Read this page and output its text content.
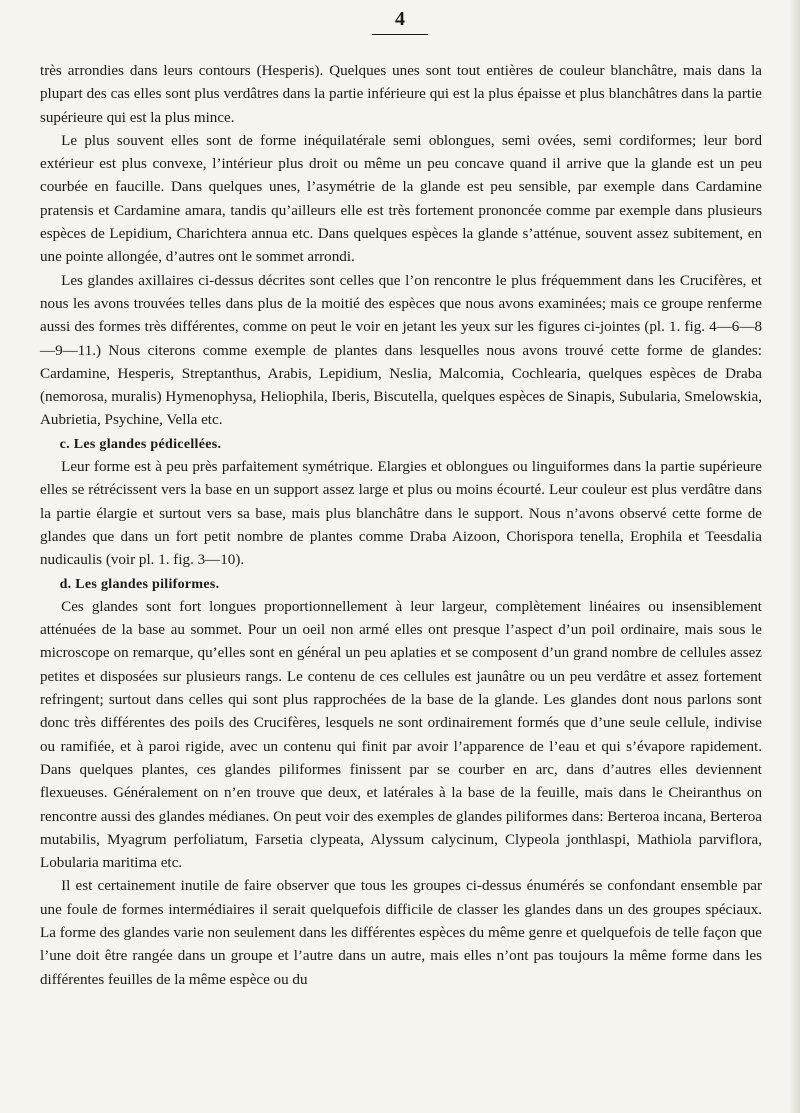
4

très arrondies dans leurs contours (Hesperis). Quelques unes sont tout entières de couleur blanchâtre, mais dans la plupart des cas elles sont plus verdâtres dans la partie inférieure qui est la plus épaisse et plus blanchâtres dans la partie supérieure qui est la plus mince.

Le plus souvent elles sont de forme inéquilatérale semi oblongues, semi ovées, semi cordiformes; leur bord extérieur est plus convexe, l’intérieur plus droit ou même un peu concave quand il arrive que la glande est un peu courbée en faucille. Dans quelques unes, l’asymétrie de la glande est peu sensible, par exemple dans Cardamine pratensis et Cardamine amara, tandis qu’ailleurs elle est très fortement prononcée comme par exemple dans plusieurs espèces de Lepidium, Charichtera annua etc. Dans quelques espèces la glande s’atténue, souvent assez subitement, en une pointe allongée, d’autres ont le sommet arrondi.

Les glandes axillaires ci-dessus décrites sont celles que l’on rencontre le plus fréquemment dans les Crucifères, et nous les avons trouvées telles dans plus de la moitié des espèces que nous avons examinées; mais ce groupe renferme aussi des formes très différentes, comme on peut le voir en jetant les yeux sur les figures ci-jointes (pl. 1. fig. 4—6—8—9—11.) Nous citerons comme exemple de plantes dans lesquelles nous avons trouvé cette forme de glandes: Cardamine, Hesperis, Streptanthus, Arabis, Lepidium, Neslia, Malcomia, Cochlearia, quelques espèces de Draba (nemorosa, muralis) Hymenophysa, Heliophila, Iberis, Biscutella, quelques espèces de Sinapis, Subularia, Smelowskia, Aubrietia, Psychine, Vella etc.

c. Les glandes pédicellées.

Leur forme est à peu près parfaitement symétrique. Elargies et oblongues ou linguiformes dans la partie supérieure elles se rétrécissent vers la base en un support assez large et plus ou moins écourté. Leur couleur est plus verdâtre dans la partie élargie et surtout vers sa base, mais plus blanchâtre dans le support. Nous n’avons observé cette forme de glandes que dans un fort petit nombre de plantes comme Draba Aizoon, Chorispora tenella, Erophila et Teesdalia nudicaulis (voir pl. 1. fig. 3—10).

d. Les glandes piliformes.

Ces glandes sont fort longues proportionnellement à leur largeur, complètement linéaires ou insensiblement atténuées de la base au sommet. Pour un oeil non armé elles ont presque l’aspect d’un poil ordinaire, mais sous le microscope on remarque, qu’elles sont en général un peu aplaties et se composent d’un grand nombre de cellules assez petites et disposées sur plusieurs rangs. Le contenu de ces cellules est jaunâtre ou un peu verdâtre et assez fortement refringent; surtout dans celles qui sont plus rapprochées de la base de la glande. Les glandes dont nous parlons sont donc très différentes des poils des Crucifères, lesquels ne sont ordinairement formés que d’une seule cellule, indivise ou ramifiée, et à paroi rigide, avec un contenu qui finit par avoir l’apparence de l’eau et qui s’évapore rapidement. Dans quelques plantes, ces glandes piliformes finissent par se courber en arc, dans d’autres elles deviennent flexueuses. Généralement on n’en trouve que deux, et latérales à la base de la feuille, mais dans le Cheiranthus on rencontre aussi des glandes médianes. On peut voir des exemples de glandes piliformes dans: Berteroa incana, Berteroa mutabilis, Myagrum perfoliatum, Farsetia clypeata, Alyssum calycinum, Clypeola jonthlaspi, Mathiola parviflora, Lobularia maritima etc.

Il est certainement inutile de faire observer que tous les groupes ci-dessus énumérés se confondant ensemble par une foule de formes intermédiaires il serait quelquefois difficile de classer les glandes dans un des groupes spéciaux. La forme des glandes varie non seulement dans les différentes espèces du même genre et quelquefois de telle façon que l’une doit être rangée dans un groupe et l’autre dans un autre, mais elles n’ont pas toujours la même forme dans les différentes feuilles de la même espèce ou du
